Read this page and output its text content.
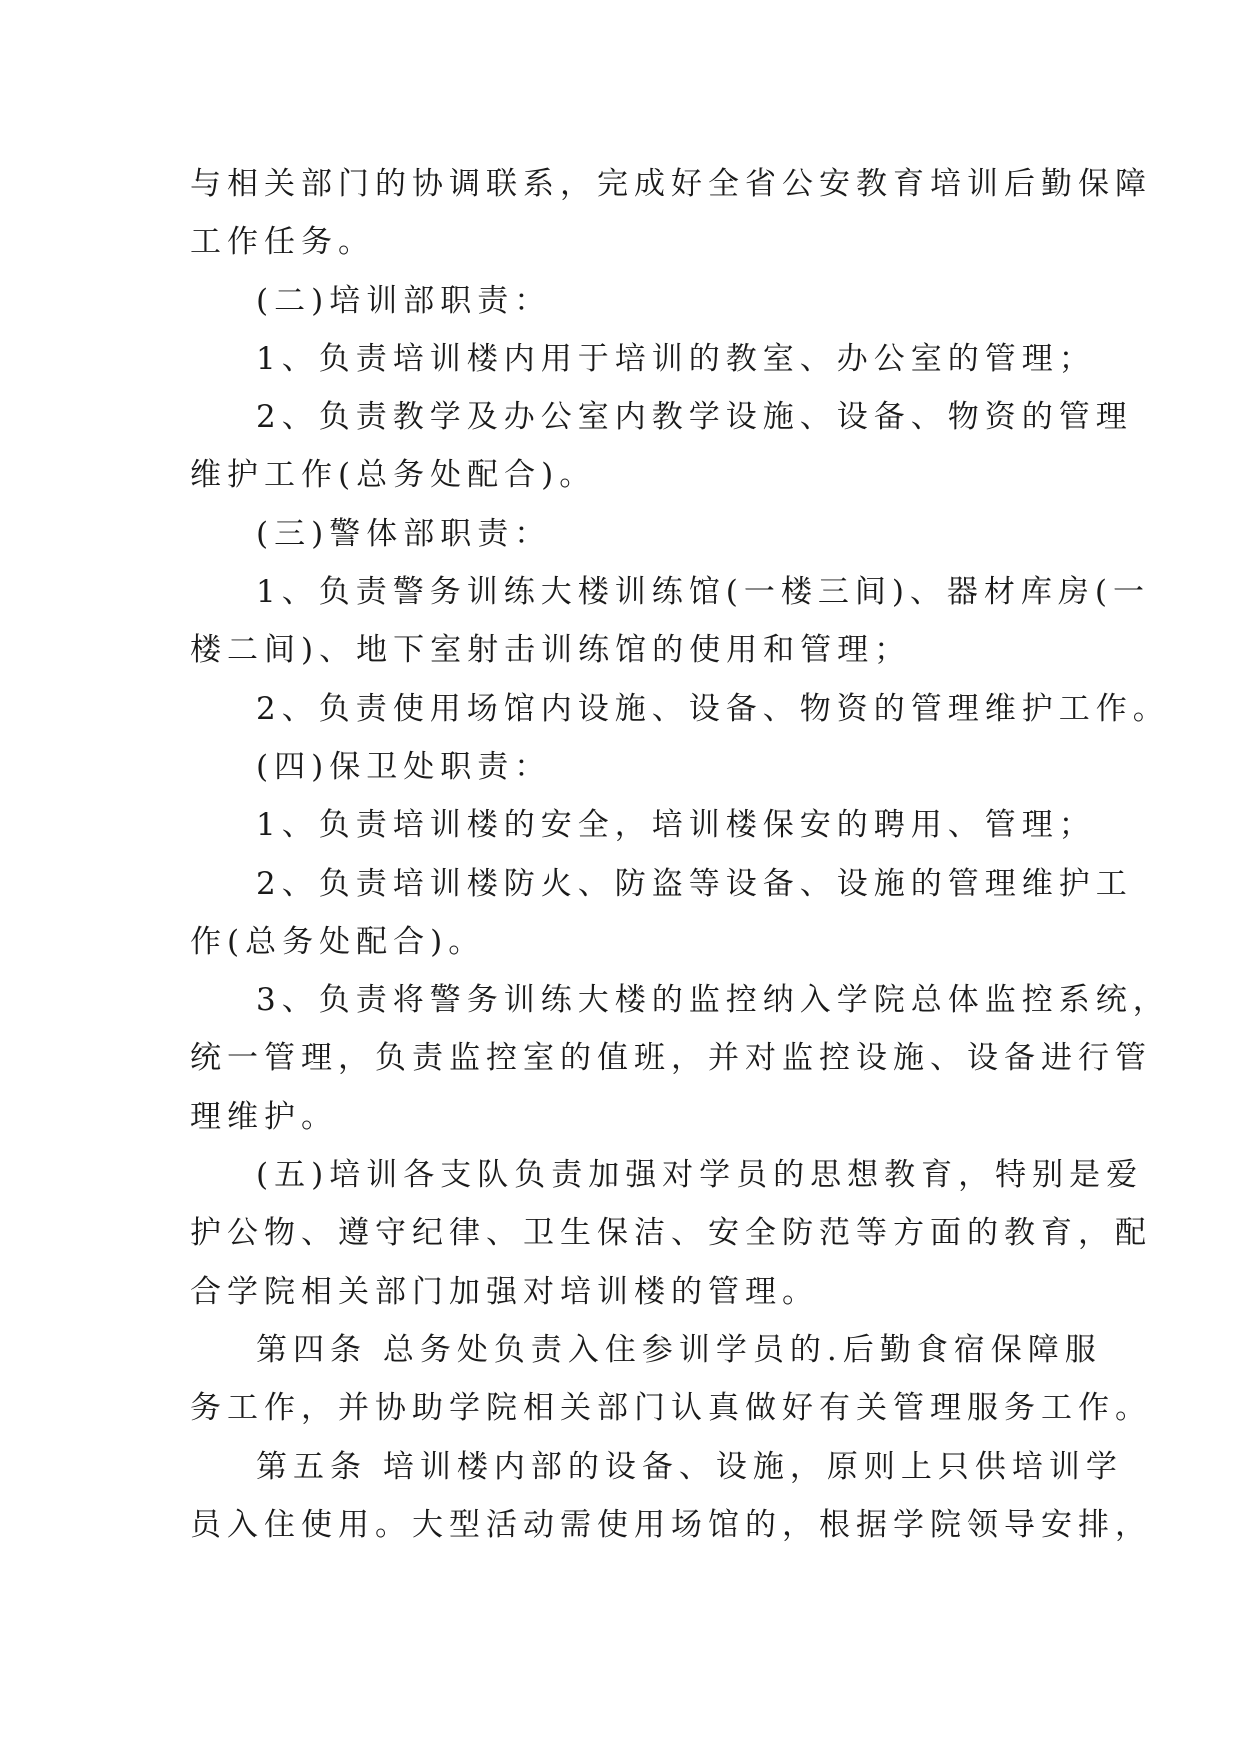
与相关部门的协调联系，完成好全省公安教育培训后勤保障
工作任务。

(二)培训部职责：

1、负责培训楼内用于培训的教室、办公室的管理；

2、负责教学及办公室内教学设施、设备、物资的管理
维护工作(总务处配合)。

(三)警体部职责：

1、负责警务训练大楼训练馆(一楼三间)、器材库房(一
楼二间)、地下室射击训练馆的使用和管理；

2、负责使用场馆内设施、设备、物资的管理维护工作。

(四)保卫处职责：

1、负责培训楼的安全，培训楼保安的聘用、管理；

2、负责培训楼防火、防盗等设备、设施的管理维护工
作(总务处配合)。

3、负责将警务训练大楼的监控纳入学院总体监控系统，
统一管理，负责监控室的值班，并对监控设施、设备进行管
理维护。

(五)培训各支队负责加强对学员的思想教育，特别是爱
护公物、遵守纪律、卫生保洁、安全防范等方面的教育，配
合学院相关部门加强对培训楼的管理。

第四条 总务处负责入住参训学员的.后勤食宿保障服
务工作，并协助学院相关部门认真做好有关管理服务工作。

第五条 培训楼内部的设备、设施，原则上只供培训学
员入住使用。大型活动需使用场馆的，根据学院领导安排，
